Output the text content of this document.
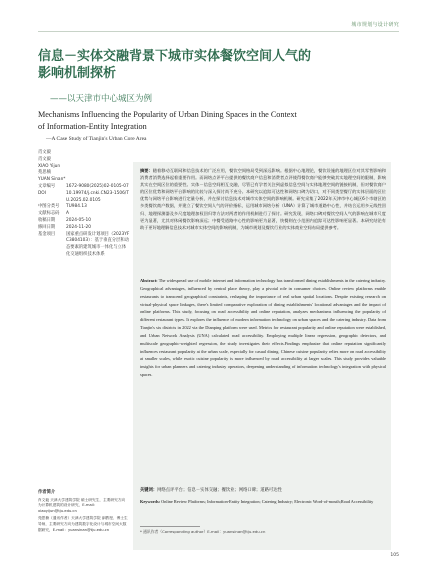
城市规划与设计研究
信息－实体交融背景下城市实体餐饮空间人气的
影响机制探析
——以天津市中心城区为例
Mechanisms Influencing the Popularity of Urban Dining Spaces in the Context
of Information-Entity Integration
—A Case Study of Tianjin's Urban Core Area

肖文毅

肖文毅

XIAO Yijun

苑思楠

YUAN Sinan*

文章编号	1672-9080(2025)02-0105-07
DOI	10.19974/j.cnki.CN23-1506/TU.2025.02.0105
中图分类号	TU984.13
文献标志码	A
收稿日期	2024-05-10
修回日期	2024-11-20
基金项目	国家重点研发计划项目（2023YFC3804103）：基于垂直分层和动态要素的建筑城市一体化与立体化交通组织技术体系
摘要：随着移动互联网和信息技术的广泛应用，餐饮空间格局受到深远影响。根据中心地理论，餐饮设施的地理区位对其零售影响和消费者消费选择起着重要作用。而网络点评平台提供的餐饮商户信息和消费者点评使得餐饮商户能够突破其实地理空间的限制，影响其实在空间区位的重要性。实体－信息空间相互交融，尽管已有学者关注到虚拟信息空间与实体地理空间的链接机制，但对餐饮商户的区位优势和网络平台影响的比较与深入探讨尚不充分。本研究以追踪可达性和网络口碑为切口，对不同类型餐厅的实体层面的区位优势与网络平台影响进行定量分析，并在探讨信息技术对城市实体空间的影响机制。研究采集了2022年天津市中心城区6个市辖区的多类餐饮商户数据，并建立了餐饮空间人气的评价指标，运用城市网络分析（UNA）计算了城市道路中心性，并结合运用多元线性回归、地理探测器及多尺度地理加权回归等方法对两者的作用机制进行了探讨。研究发现，网络口碑对餐饮空间人气的影响在城市尺度更为显著，尤其对休闲餐饮影响深远；中餐受道路中心性的影响更为显著，快餐则在小范围内追踪可达性影响更显著。本研究结论有助于更好地理解信息技术对城市实体空间的影响机制，为城市规划及餐饮行业的实体商业空间布局提供参考。
Abstract: The widespread use of mobile internet and information technology has transformed dining establishments in the catering industry. Geographical advantages, influenced by central place theory, play a pivotal role in consumer choices. Online review platforms enable restaurants to transcend geographical constraints, reshaping the importance of real urban spatial locations. Despite existing research on virtual-physical space linkages, there's limited comparative exploration of dining establishments' locational advantages and the impact of online platforms. This study, focusing on road accessibility and online reputation, analyzes mechanisms influencing the popularity of different restaurant types. It explores the influence of modern information technology on urban spaces and the catering industry. Data from Tianjin's six districts in 2022 via the Dianping platform were used. Metrics for restaurant popularity and online reputation were established, and Urban Network Analysis (UNA) calculated road accessibility. Employing multiple linear regression, geographic detectors, and multiscale geographic-weighted regression, the study investigates their effects.Findings emphasize that online reputation significantly influences restaurant popularity at the urban scale, especially for casual dining. Chinese cuisine popularity relies more on road accessibility at smaller scales, while exotic cuisine popularity is more influenced by road accessibility at larger scales. This study provides valuable insights for urban planners and catering industry operators, deepening understanding of information technology's integration with physical spaces.
关键词：网络点评平台；信息－实体交融；餐饮业；网络口碑；道路可达性
Keywords: Online Review Platforms; Information-Entity Integration; Catering Industry; Electronic Word-of-mouth;Road Accessibility
作者简介

肖文毅 天津大学建筑学院 硕士研究生，主要研究方向为计算机建筑的设计研究，E-mail：xiaoyijun@tju.edu.cn

苑思楠（通讯作者）天津大学建筑学院 副教授、博士生导师，主要研究方向为建筑数字化设计与城市空间大数据研究，E-mail：yuansinan@tju.edu.cn	* 通讯作者（Corresponding author）E-mail：yuansinan@tju.edu.cn
105
